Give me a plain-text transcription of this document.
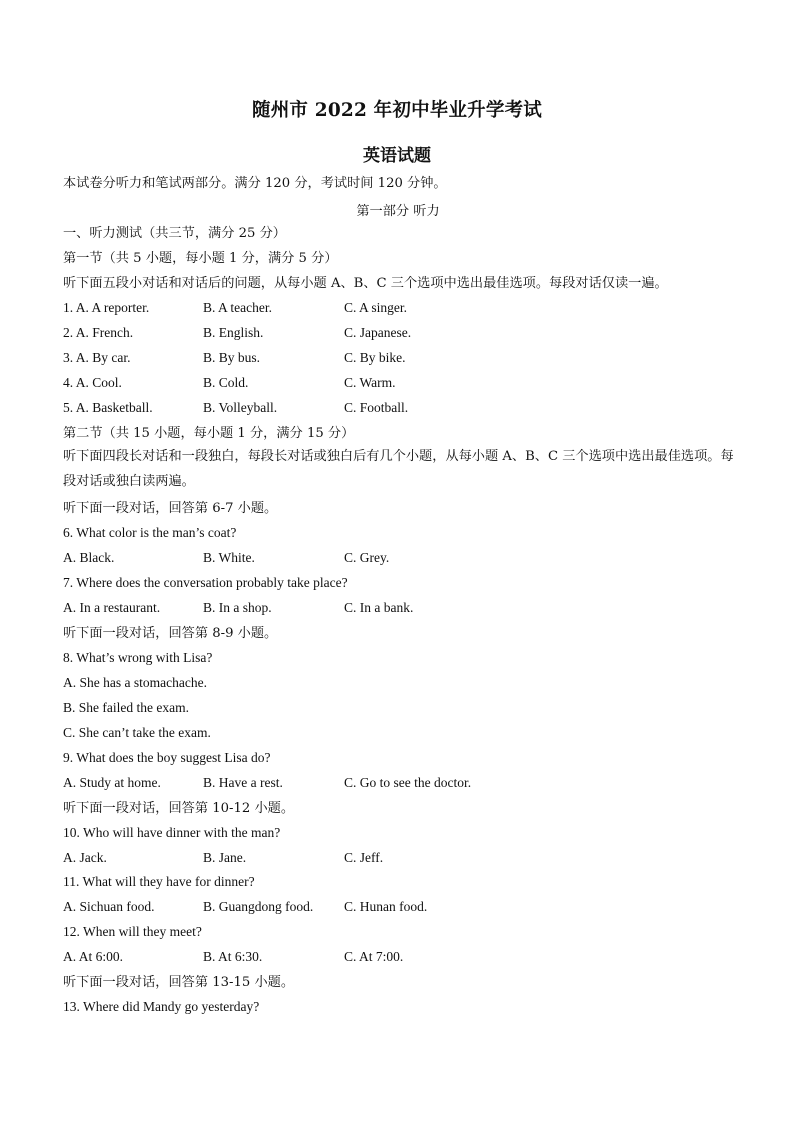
随州市 2022 年初中毕业升学考试
英语试题
本试卷分听力和笔试两部分。满分 120 分，考试时间 120 分钟。
第一部分 听力
一、听力测试（共三节，满分 25 分）
第一节（共 5 小题，每小题 1 分，满分 5 分）
听下面五段小对话和对话后的问题，从每小题 A、B、C 三个选项中选出最佳选项。每段对话仅读一遍。
1. A. A reporter.	B. A teacher.	C. A singer.
2. A. French.	B. English.	C. Japanese.
3. A. By car.	B. By bus.	C. By bike.
4. A. Cool.	B. Cold.	C. Warm.
5. A. Basketball.	B. Volleyball.	C. Football.
第二节（共 15 小题，每小题 1 分，满分 15 分）
听下面四段长对话和一段独白，每段长对话或独白后有几个小题，从每小题 A、B、C 三个选项中选出最佳选项。每段对话或独白读两遍。
听下面一段对话，回答第 6-7 小题。
6. What color is the man’s coat?
A. Black.	B. White.	C. Grey.
7. Where does the conversation probably take place?
A. In a restaurant.	B. In a shop.	C. In a bank.
听下面一段对话，回答第 8-9 小题。
8. What’s wrong with Lisa?
A. She has a stomachache.
B. She failed the exam.
C. She can’t take the exam.
9. What does the boy suggest Lisa do?
A. Study at home.	B. Have a rest.	C. Go to see the doctor.
听下面一段对话，回答第 10-12 小题。
10. Who will have dinner with the man?
A. Jack.	B. Jane.	C. Jeff.
11. What will they have for dinner?
A. Sichuan food.	B. Guangdong food. C. Hunan food.
12. When will they meet?
A. At 6:00.	B. At 6:30.	C. At 7:00.
听下面一段对话，回答第 13-15 小题。
13. Where did Mandy go yesterday?
